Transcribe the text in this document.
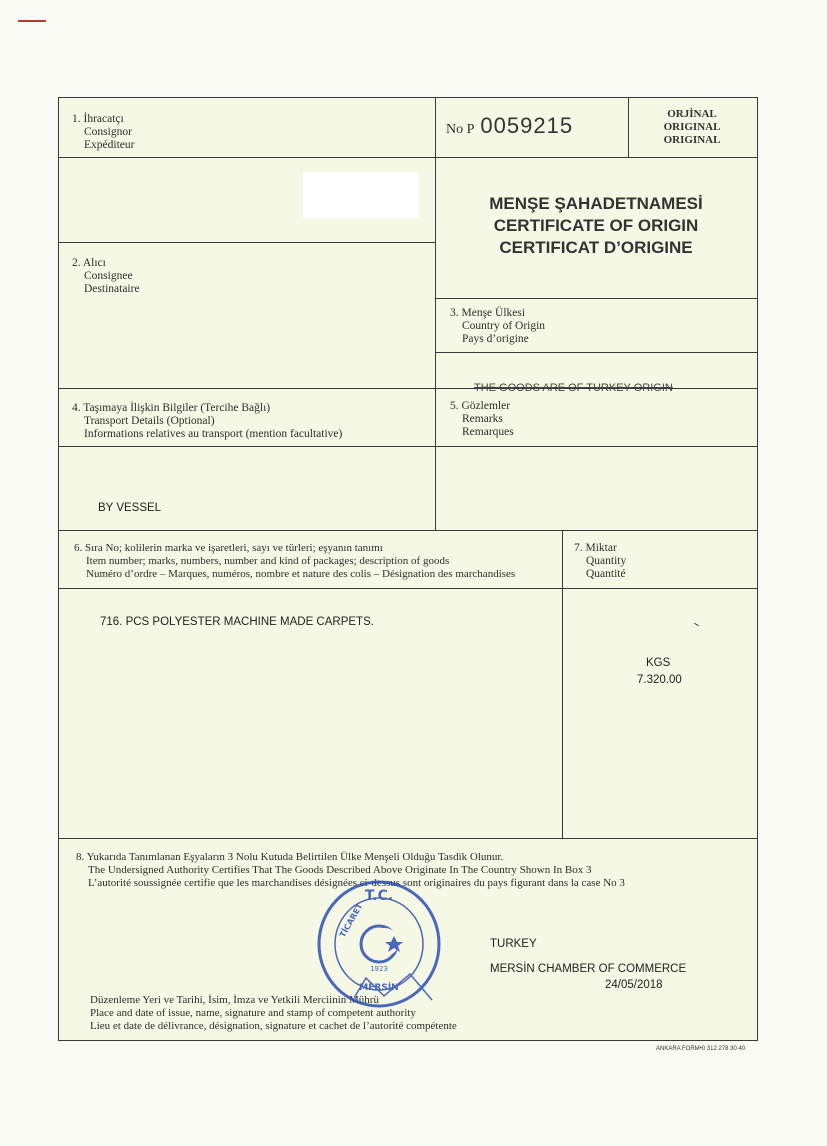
1. İhracatçı
Consignor
Expéditeur
No P 0059215	ORJİNAL
ORIGINAL
ORIGINAL
MENŞE ŞAHADETNAMESİ
CERTIFICATE OF ORIGIN
CERTIFICAT D’ORIGINE
2. Alıcı
Consignee
Destinataire
3. Menşe Ülkesi
Country of Origin
Pays d’origine
THE GOODS ARE OF TURKEY ORIGIN
4. Taşımaya İlişkin Bilgiler (Tercihe Bağlı)
Transport Details (Optional)
Informations relatives au transport (mention facultative)
BY VESSEL
5. Gözlemler
Remarks
Remarques
6. Sıra No; kolilerin marka ve işaretleri, sayı ve türleri; eşyanın tanımı
Item number; marks, numbers, number and kind of packages; description of goods
Numéro d’ordre – Marques, numéros, nombre et nature des colis – Désignation des marchandises
716. PCS POLYESTER MACHINE MADE CARPETS.
7. Miktar
Quantity
Quantité
KGS
7.320.00
8. Yukarıda Tanımlanan Eşyaların 3 Nolu Kutuda Belirtilen Ülke Menşeli Olduğu Tasdik Olunur.
The Undersigned Authority Certifies That The Goods Described Above Originate In The Country Shown In Box 3
L’autorité soussignée certifie que les marchandises désignées ci-dessus sont originaires du pays figurant dans la case No 3
TURKEY
MERSİN CHAMBER OF COMMERCE
24/05/2018
Düzenleme Yeri ve Tarihi, İsim, İmza ve Yetkili Merciinin Mührü
Place and date of issue, name, signature and stamp of competent authority
Lieu et date de délivrance, désignation, signature et cachet de l’autorité compétente
T.C.
TİCARET
MERSİN
1923
ANKARA FORM•0 312 278 30 40
